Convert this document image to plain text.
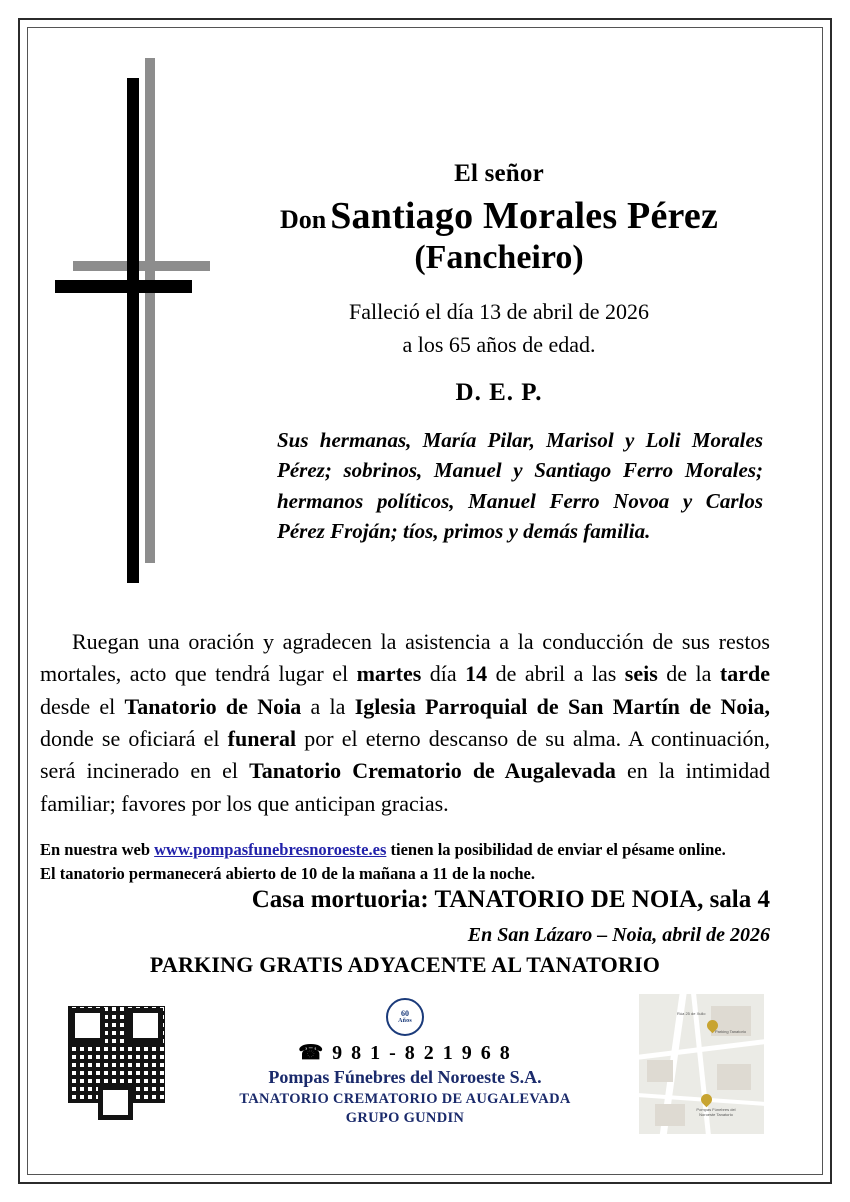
El señor
Don Santiago Morales Pérez
(Fancheiro)
Falleció el día 13 de abril de 2026
a los 65 años de edad.
D. E. P.
Sus hermanas, María Pilar, Marisol y Loli Morales Pérez; sobrinos, Manuel y Santiago Ferro Morales; hermanos políticos, Manuel Ferro Novoa y Carlos Pérez Froján; tíos, primos y demás familia.
Ruegan una oración y agradecen la asistencia a la conducción de sus restos mortales, acto que tendrá lugar el martes día 14 de abril a las seis de la tarde desde el Tanatorio de Noia a la Iglesia Parroquial de San Martín de Noia, donde se oficiará el funeral por el eterno descanso de su alma. A continuación, será incinerado en el Tanatorio Crematorio de Augalevada en la intimidad familiar; favores por los que anticipan gracias.
En nuestra web www.pompasfunebresnoroeste.es tienen la posibilidad de enviar el pésame online.
El tanatorio permanecerá abierto de 10 de la mañana a 11 de la noche.
Casa mortuoria: TANATORIO DE NOIA, sala 4
En San Lázaro – Noia, abril de 2026
PARKING GRATIS ADYACENTE AL TANATORIO
60
Años
☎ 9 8 1 - 8 2 1 9 6 8
Pompas Fúnebres del Noroeste S.A.
TANATORIO CREMATORIO DE AUGALEVADA
GRUPO GUNDIN
Rúa 25 de Xullo
Parking Tanatorio
Pompas Fúnebres del Noroeste Tanatorio
